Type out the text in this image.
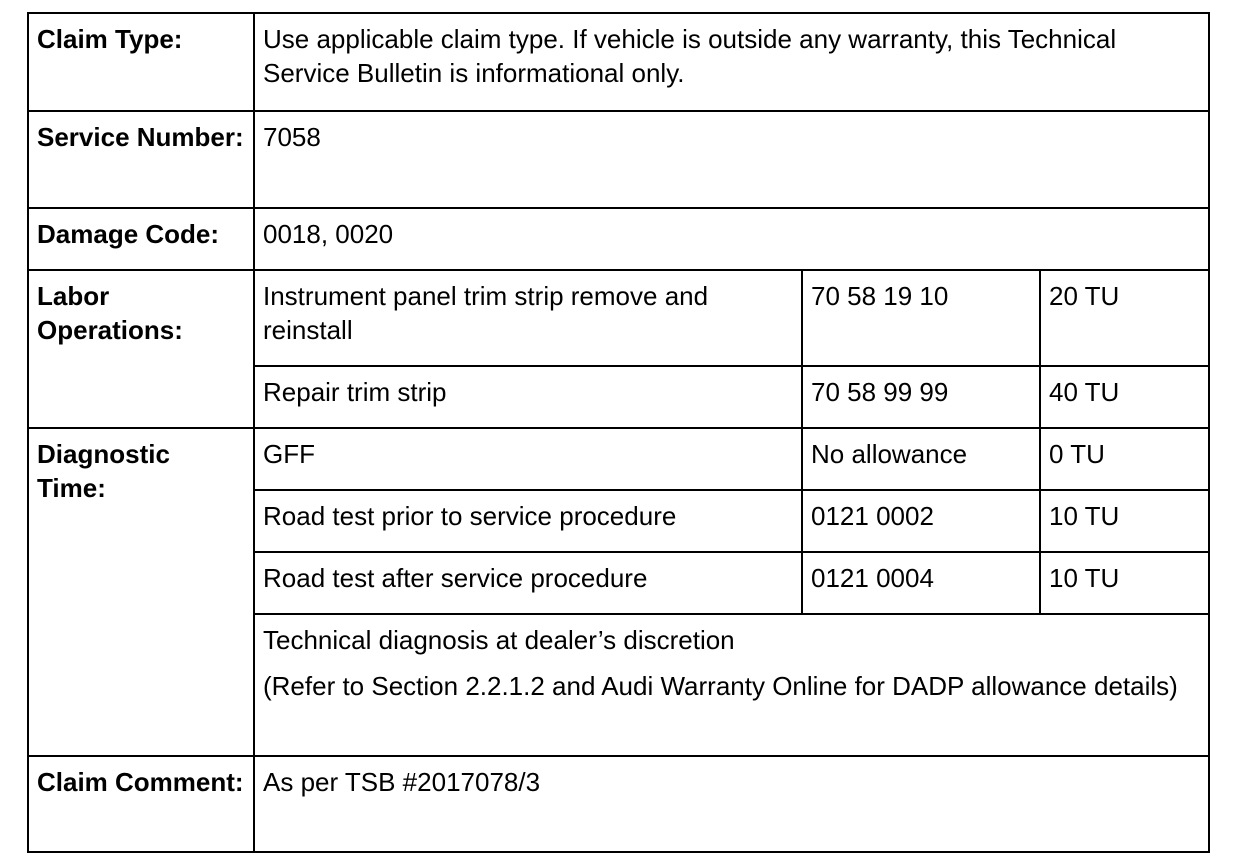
Claim Type:	Use applicable claim type. If vehicle is outside any warranty, this Technical Service Bulletin is informational only.		
Service Number:	7058		
Damage Code:	0018, 0020		
Labor Operations:	Instrument panel trim strip remove and reinstall	70 58 19 10	20 TU
	Repair trim strip	70 58 99 99	40 TU
Diagnostic Time:	GFF	No allowance	0 TU
	Road test prior to service procedure	0121 0002	10 TU
	Road test after service procedure	0121 0004	10 TU

	Technical diagnosis at dealer’s discretion

(Refer to Section 2.2.1.2 and Audi Warranty Online for DADP allowance details)		

Claim Comment:	As per TSB #2017078/3		
